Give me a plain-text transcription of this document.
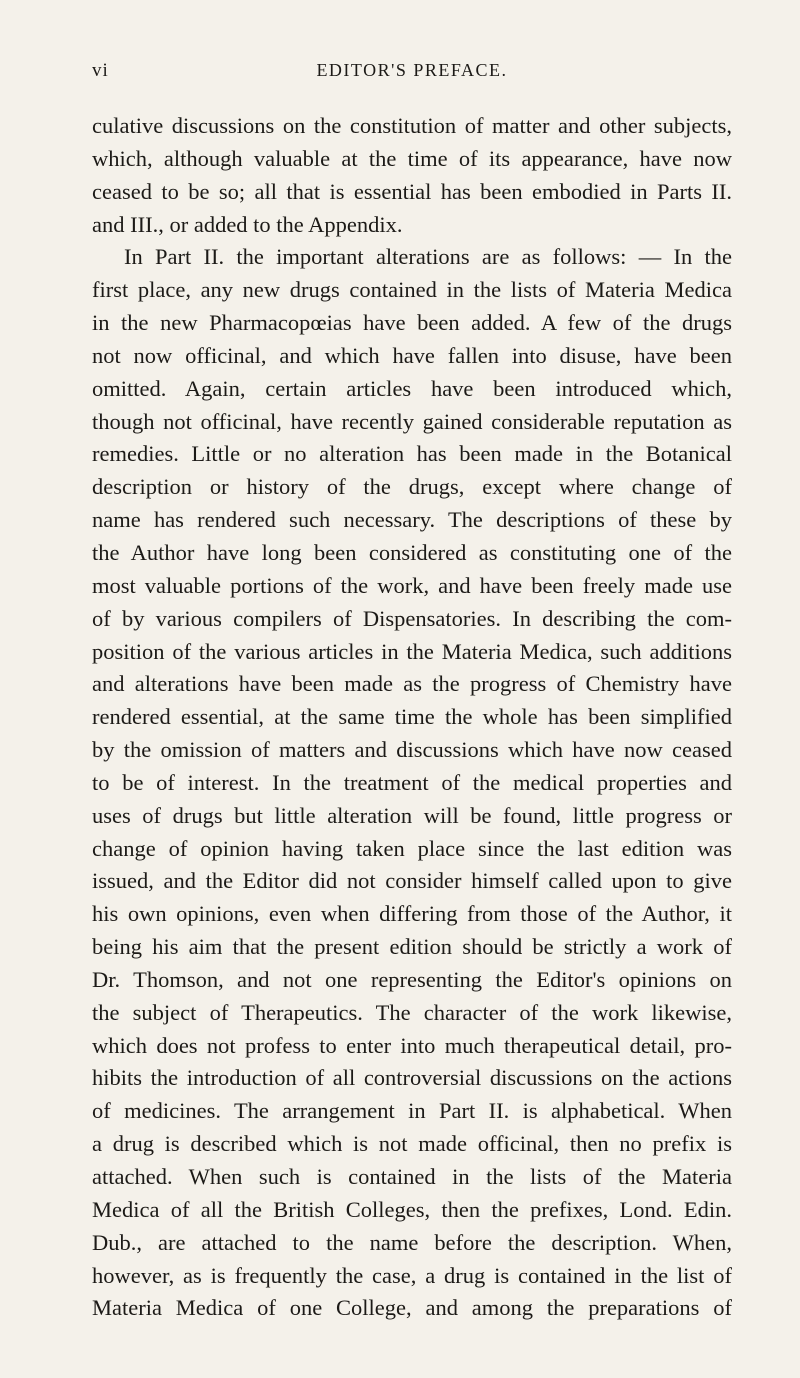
vi	EDITOR'S PREFACE.
culative discussions on the constitution of matter and other subjects,
which, although valuable at the time of its appearance, have now
ceased to be so; all that is essential has been embodied in Parts II.
and III., or added to the Appendix.
In Part II. the important alterations are as follows: — In the
first place, any new drugs contained in the lists of Materia Medica
in the new Pharmacopœias have been added. A few of the drugs
not now officinal, and which have fallen into disuse, have been
omitted. Again, certain articles have been introduced which,
though not officinal, have recently gained considerable reputation as
remedies. Little or no alteration has been made in the Botanical
description or history of the drugs, except where change of
name has rendered such necessary. The descriptions of these by
the Author have long been considered as constituting one of the
most valuable portions of the work, and have been freely made use
of by various compilers of Dispensatories. In describing the com-
position of the various articles in the Materia Medica, such additions
and alterations have been made as the progress of Chemistry have
rendered essential, at the same time the whole has been simplified
by the omission of matters and discussions which have now ceased
to be of interest. In the treatment of the medical properties and
uses of drugs but little alteration will be found, little progress or
change of opinion having taken place since the last edition was
issued, and the Editor did not consider himself called upon to give
his own opinions, even when differing from those of the Author, it
being his aim that the present edition should be strictly a work of
Dr. Thomson, and not one representing the Editor's opinions on
the subject of Therapeutics. The character of the work likewise,
which does not profess to enter into much therapeutical detail, pro-
hibits the introduction of all controversial discussions on the actions
of medicines. The arrangement in Part II. is alphabetical. When
a drug is described which is not made officinal, then no prefix is
attached. When such is contained in the lists of the Materia
Medica of all the British Colleges, then the prefixes, Lond. Edin.
Dub., are attached to the name before the description. When,
however, as is frequently the case, a drug is contained in the list of
Materia Medica of one College, and among the preparations of
